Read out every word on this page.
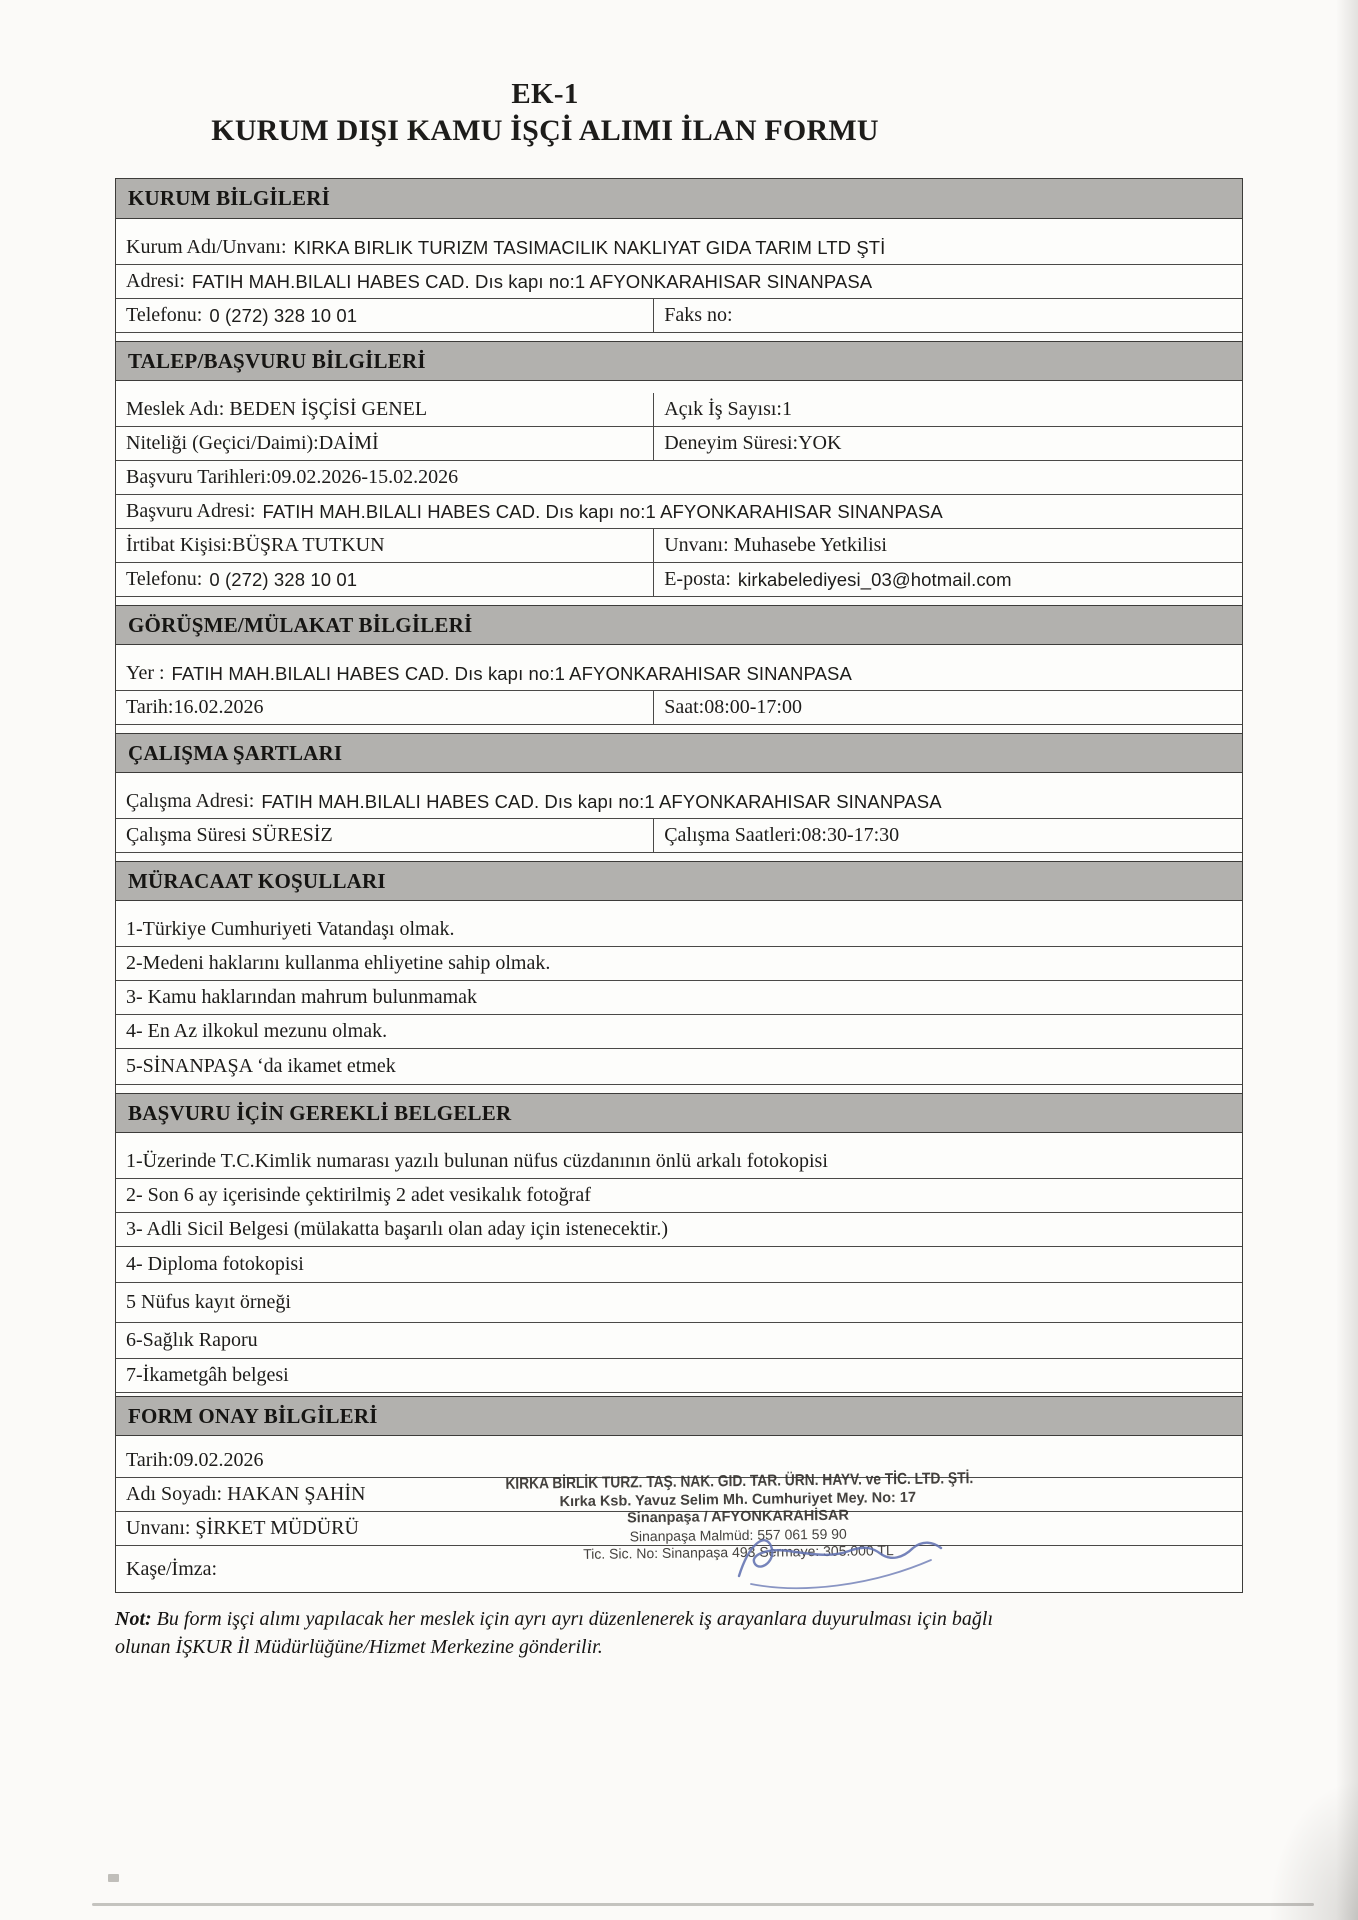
EK-1
KURUM DIŞI KAMU İŞÇİ ALIMI İLAN FORMU
KURUM BİLGİLERİ
Kurum Adı/Unvanı: KIRKA BIRLIK TURIZM TASIMACILIK NAKLIYAT GIDA TARIM LTD ŞTİ
Adresi: FATIH MAH.BILALI HABES CAD. Dıs kapı no:1 AFYONKARAHISAR SINANPASA
Telefonu: 0 (272) 328 10 01	Faks no:
TALEP/BAŞVURU BİLGİLERİ
Meslek Adı: BEDEN İŞÇİSİ GENEL	Açık İş Sayısı:1
Niteliği (Geçici/Daimi):DAİMİ	Deneyim Süresi:YOK
Başvuru Tarihleri:09.02.2026-15.02.2026
Başvuru Adresi: FATIH MAH.BILALI HABES CAD. Dıs kapı no:1 AFYONKARAHISAR SINANPASA
İrtibat Kişisi:BÜŞRA TUTKUN	Unvanı: Muhasebe Yetkilisi
Telefonu: 0 (272) 328 10 01	E-posta: kirkabelediyesi_03@hotmail.com
GÖRÜŞME/MÜLAKAT BİLGİLERİ
Yer : FATIH MAH.BILALI HABES CAD. Dıs kapı no:1 AFYONKARAHISAR SINANPASA
Tarih:16.02.2026	Saat:08:00-17:00
ÇALIŞMA ŞARTLARI
Çalışma Adresi: FATIH MAH.BILALI HABES CAD. Dıs kapı no:1 AFYONKARAHISAR SINANPASA
Çalışma Süresi SÜRESİZ	Çalışma Saatleri:08:30-17:30
MÜRACAAT KOŞULLARI
1-Türkiye Cumhuriyeti Vatandaşı olmak.
2-Medeni haklarını kullanma ehliyetine sahip olmak.
3- Kamu haklarından mahrum bulunmamak
4- En Az ilkokul mezunu olmak.
5-SİNANPAŞA ‘da ikamet etmek
BAŞVURU İÇİN GEREKLİ BELGELER
1-Üzerinde T.C.Kimlik numarası yazılı bulunan nüfus cüzdanının önlü arkalı fotokopisi
2- Son 6 ay içerisinde çektirilmiş 2 adet vesikalık fotoğraf
3- Adli Sicil Belgesi (mülakatta başarılı olan aday için istenecektir.)
4- Diploma fotokopisi
5 Nüfus kayıt örneği
6-Sağlık Raporu
7-İkametgâh belgesi
FORM ONAY BİLGİLERİ
Tarih:09.02.2026
Adı Soyadı: HAKAN ŞAHİN
Unvanı: ŞİRKET MÜDÜRÜ
Kaşe/İmza:
KIRKA BİRLİK TURZ. TAŞ. NAK. GID. TAR. ÜRN. HAYV. ve TİC. LTD. ŞTİ.
Kırka Ksb. Yavuz Selim Mh. Cumhuriyet Mey. No: 17
Sinanpaşa / AFYONKARAHİSAR
Sinanpaşa Malmüd: 557 061 59 90
Tic. Sic. No: Sinanpaşa 493 Sermaye: 305.000 TL
Not: Bu form işçi alımı yapılacak her meslek için ayrı ayrı düzenlenerek iş arayanlara duyurulması için bağlı
olunan İŞKUR İl Müdürlüğüne/Hizmet Merkezine gönderilir.
